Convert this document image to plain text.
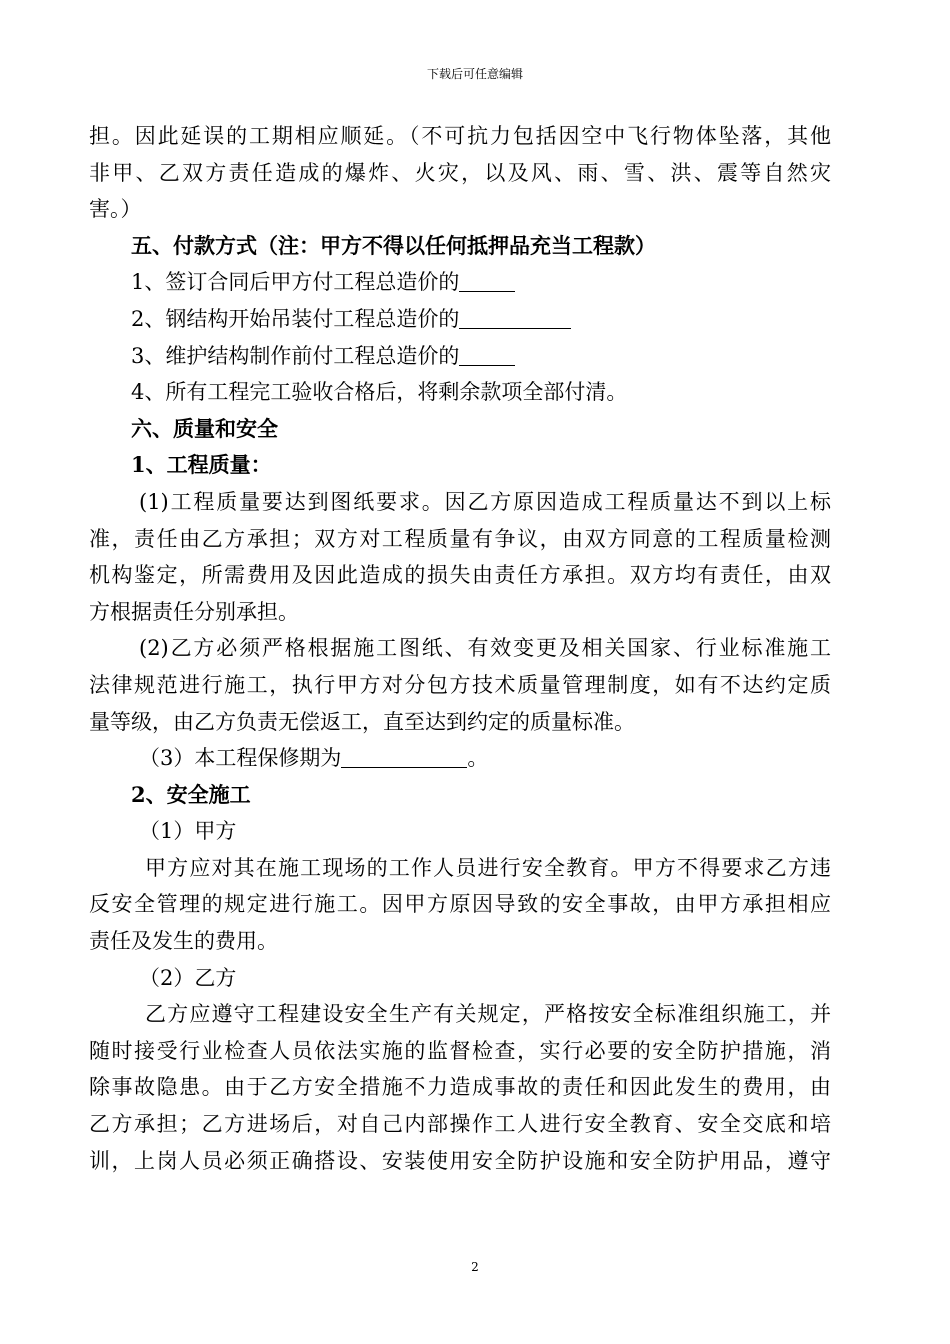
下载后可任意编辑

担。因此延误的工期相应顺延。（不可抗力包括因空中飞行物体坠落，其他

非甲、乙双方责任造成的爆炸、火灾，以及风、雨、雪、洪、震等自然灾

害。）

五、付款方式（注：甲方不得以任何抵押品充当工程款）

1、签订合同后甲方付工程总造价的

2、钢结构开始吊装付工程总造价的

3、维护结构制作前付工程总造价的

4、所有工程完工验收合格后，将剩余款项全部付清。

六、质量和安全

1、工程质量：

(1)工程质量要达到图纸要求。因乙方原因造成工程质量达不到以上标

准，责任由乙方承担；双方对工程质量有争议，由双方同意的工程质量检测

机构鉴定，所需费用及因此造成的损失由责任方承担。双方均有责任，由双

方根据责任分别承担。

(2)乙方必须严格根据施工图纸、有效变更及相关国家、行业标准施工

法律规范进行施工，执行甲方对分包方技术质量管理制度，如有不达约定质

量等级，由乙方负责无偿返工，直至达到约定的质量标准。

（3）本工程保修期为	。

2、安全施工

（1）甲方

甲方应对其在施工现场的工作人员进行安全教育。甲方不得要求乙方违

反安全管理的规定进行施工。因甲方原因导致的安全事故，由甲方承担相应

责任及发生的费用。

（2）乙方

乙方应遵守工程建设安全生产有关规定，严格按安全标准组织施工，并

随时接受行业检查人员依法实施的监督检查，实行必要的安全防护措施，消

除事故隐患。由于乙方安全措施不力造成事故的责任和因此发生的费用，由

乙方承担；乙方进场后，对自己内部操作工人进行安全教育、安全交底和培

训，上岗人员必须正确搭设、安装使用安全防护设施和安全防护用品，遵守

2
